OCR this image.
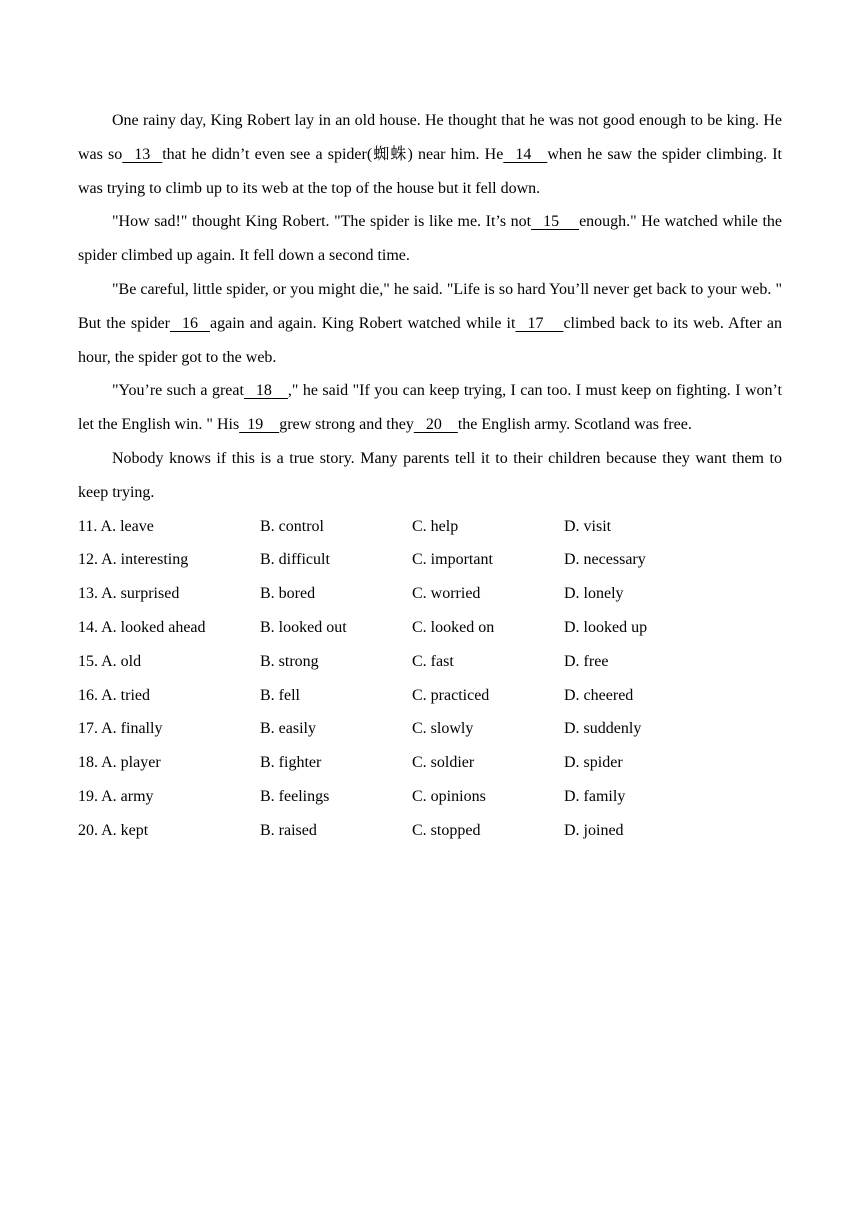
One rainy day, King Robert lay in an old house. He thought that he was not good enough to be king. He was so   13   that he didn’t even see a spider(蜘蛛) near him. He   14    when he saw the spider climbing. It was trying to climb up to its web at the top of the house but it fell down.

"How sad!" thought King Robert. "The spider is like me. It’s not   15     enough." He watched while the spider climbed up again. It fell down a second time.

"Be careful, little spider, or you might die," he said. "Life is so hard You’ll never get back to your web. " But the spider   16   again and again. King Robert watched while it   17     climbed back to its web. After an hour, the spider got to the web.

"You’re such a great   18    ," he said "If you can keep trying, I can too. I must keep on fighting. I won’t let the English win. " His  19    grew strong and they   20    the English army. Scotland was free.

Nobody knows if this is a true story. Many parents tell it to their children because they want them to keep trying.

11. A. leave	B. control	C. help	D. visit
12. A. interesting	B. difficult	C. important	D. necessary
13. A. surprised	B. bored	C. worried	D. lonely
14. A. looked ahead	B. looked out	C. looked on	D. looked up
15. A. old	B. strong	C. fast	D. free
16. A. tried	B. fell	C. practiced	D. cheered
17. A. finally	B. easily	C. slowly	D. suddenly
18. A. player	B. fighter	C. soldier	D. spider
19. A. army	B. feelings	C. opinions	D. family
20. A. kept	B. raised	C. stopped	D. joined
